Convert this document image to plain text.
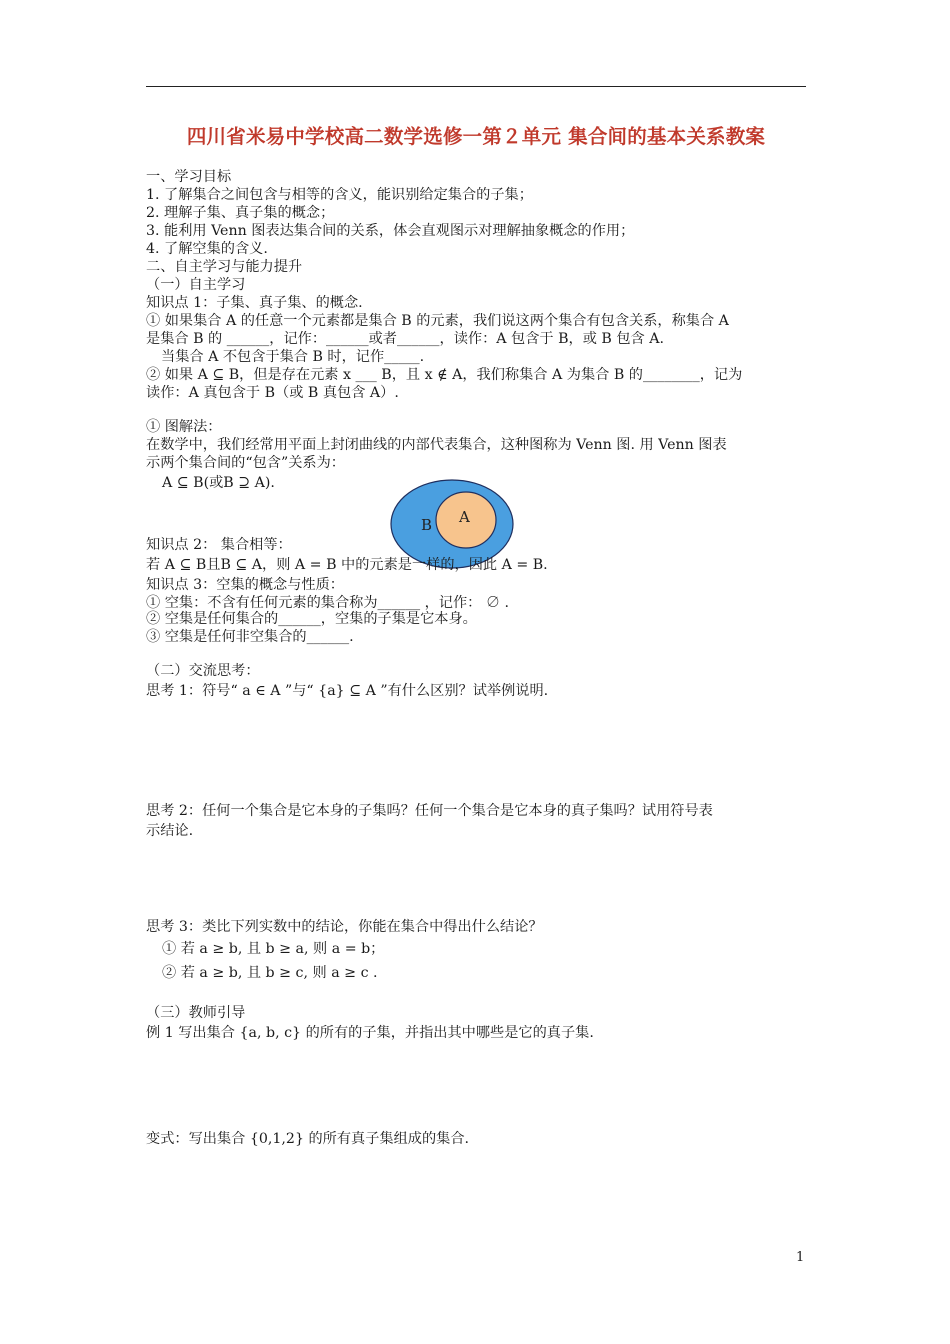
四川省米易中学校高二数学选修一第２单元 集合间的基本关系教案
一、学习目标
1. 了解集合之间包含与相等的含义，能识别给定集合的子集；
2. 理解子集、真子集的概念；
3. 能利用 Venn 图表达集合间的关系，体会直观图示对理解抽象概念的作用；
4. 了解空集的含义.
二、自主学习与能力提升
（一）自主学习
知识点 1：子集、真子集、的概念.
① 如果集合 A 的任意一个元素都是集合 B 的元素，我们说这两个集合有包含关系，称集合 A
是集合 B 的 ______，记作：______或者______，读作：A 包含于 B，或 B 包含 A.
当集合 A 不包含于集合 B 时，记作_____.
② 如果 A ⊆ B，但是存在元素 x ___ B，且 x ∉ A，我们称集合 A 为集合 B 的________，记为
读作：A 真包含于 B（或 B 真包含 A）.
① 图解法：
在数学中，我们经常用平面上封闭曲线的内部代表集合，这种图称为 Venn 图. 用 Venn 图表
示两个集合间的“包含”关系为：
A ⊆ B(或B ⊇ A).
B A
知识点 2： 集合相等：
若 A ⊆ B且B ⊆ A，则 A = B 中的元素是一样的，因此 A = B.
知识点 3：空集的概念与性质：
① 空集：不含有任何元素的集合称为______ ，记作： ∅ .
② 空集是任何集合的______，空集的子集是它本身。
③ 空集是任何非空集合的______.
（二）交流思考：
思考 1：符号“ a ∈ A ”与“ {a} ⊆ A ”有什么区别？试举例说明.
思考 2：任何一个集合是它本身的子集吗？任何一个集合是它本身的真子集吗？试用符号表
示结论.
思考 3：类比下列实数中的结论，你能在集合中得出什么结论？
① 若 a ≥ b, 且 b ≥ a, 则 a = b；
② 若 a ≥ b, 且 b ≥ c, 则 a ≥ c .
（三）教师引导
例 1 写出集合 {a, b, c} 的所有的子集，并指出其中哪些是它的真子集.
变式：写出集合 {0,1,2} 的所有真子集组成的集合.
1
